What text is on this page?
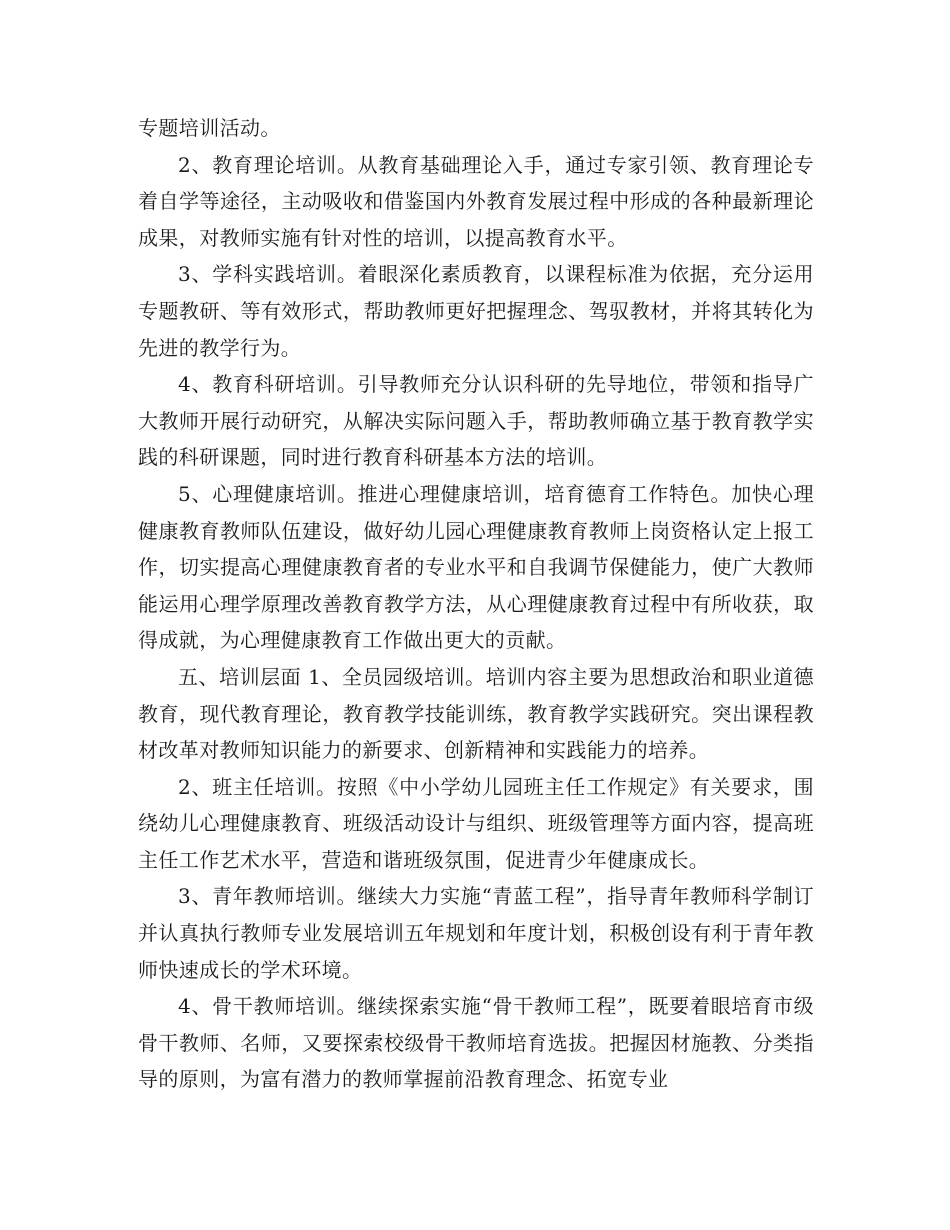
专题培训活动。

2、教育理论培训。从教育基础理论入手，通过专家引领、教育理论专着自学等途径，主动吸收和借鉴国内外教育发展过程中形成的各种最新理论成果，对教师实施有针对性的培训，以提高教育水平。

3、学科实践培训。着眼深化素质教育，以课程标准为依据，充分运用专题教研、等有效形式，帮助教师更好把握理念、驾驭教材，并将其转化为先进的教学行为。

4、教育科研培训。引导教师充分认识科研的先导地位，带领和指导广大教师开展行动研究，从解决实际问题入手，帮助教师确立基于教育教学实践的科研课题，同时进行教育科研基本方法的培训。

5、心理健康培训。推进心理健康培训，培育德育工作特色。加快心理健康教育教师队伍建设，做好幼儿园心理健康教育教师上岗资格认定上报工作，切实提高心理健康教育者的专业水平和自我调节保健能力，使广大教师能运用心理学原理改善教育教学方法，从心理健康教育过程中有所收获，取得成就，为心理健康教育工作做出更大的贡献。

五、培训层面 1、全员园级培训。培训内容主要为思想政治和职业道德教育，现代教育理论，教育教学技能训练，教育教学实践研究。突出课程教材改革对教师知识能力的新要求、创新精神和实践能力的培养。

2、班主任培训。按照《中小学幼儿园班主任工作规定》有关要求，围绕幼儿心理健康教育、班级活动设计与组织、班级管理等方面内容，提高班主任工作艺术水平，营造和谐班级氛围，促进青少年健康成长。

3、青年教师培训。继续大力实施“青蓝工程”，指导青年教师科学制订并认真执行教师专业发展培训五年规划和年度计划，积极创设有利于青年教师快速成长的学术环境。

4、骨干教师培训。继续探索实施“骨干教师工程”，既要着眼培育市级骨干教师、名师，又要探索校级骨干教师培育选拔。把握因材施教、分类指导的原则，为富有潜力的教师掌握前沿教育理念、拓宽专业
